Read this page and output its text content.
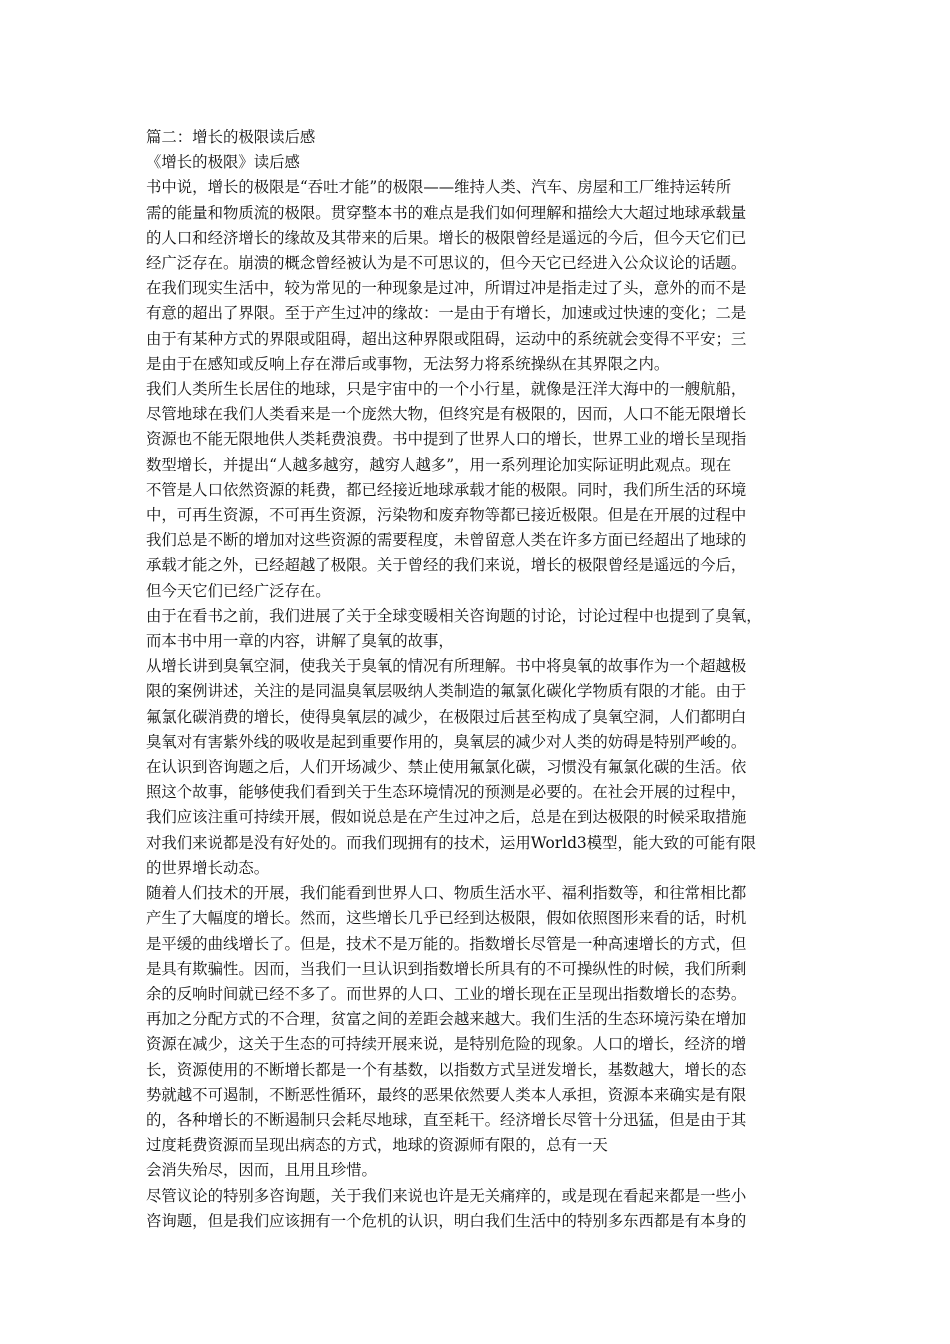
篇二：增长的极限读后感
《增长的极限》读后感
书中说，增长的极限是“吞吐才能”的极限——维持人类、汽车、房屋和工厂维持运转所
需的能量和物质流的极限。贯穿整本书的难点是我们如何理解和描绘大大超过地球承载量
的人口和经济增长的缘故及其带来的后果。增长的极限曾经是遥远的今后，但今天它们已
经广泛存在。崩溃的概念曾经被认为是不可思议的，但今天它已经进入公众议论的话题。
在我们现实生活中，较为常见的一种现象是过冲，所谓过冲是指走过了头，意外的而不是
有意的超出了界限。至于产生过冲的缘故：一是由于有增长，加速或过快速的变化；二是
由于有某种方式的界限或阻碍，超出这种界限或阻碍，运动中的系统就会变得不平安；三
是由于在感知或反响上存在滞后或事物，无法努力将系统操纵在其界限之内。
我们人类所生长居住的地球，只是宇宙中的一个小行星，就像是汪洋大海中的一艘航船，
尽管地球在我们人类看来是一个庞然大物，但终究是有极限的，因而，人口不能无限增长
资源也不能无限地供人类耗费浪费。书中提到了世界人口的增长，世界工业的增长呈现指
数型增长，并提出“人越多越穷，越穷人越多”，用一系列理论加实际证明此观点。现在
不管是人口依然资源的耗费，都已经接近地球承载才能的极限。同时，我们所生活的环境
中，可再生资源，不可再生资源，污染物和废弃物等都已接近极限。但是在开展的过程中
我们总是不断的增加对这些资源的需要程度，未曾留意人类在许多方面已经超出了地球的
承载才能之外，已经超越了极限。关于曾经的我们来说，增长的极限曾经是遥远的今后，
但今天它们已经广泛存在。
由于在看书之前，我们进展了关于全球变暖相关咨询题的讨论，讨论过程中也提到了臭氧，
而本书中用一章的内容，讲解了臭氧的故事，
从增长讲到臭氧空洞，使我关于臭氧的情况有所理解。书中将臭氧的故事作为一个超越极
限的案例讲述，关注的是同温臭氧层吸纳人类制造的氟氯化碳化学物质有限的才能。由于
氟氯化碳消费的增长，使得臭氧层的减少，在极限过后甚至构成了臭氧空洞，人们都明白
臭氧对有害紫外线的吸收是起到重要作用的，臭氧层的减少对人类的妨碍是特别严峻的。
在认识到咨询题之后，人们开场减少、禁止使用氟氯化碳，习惯没有氟氯化碳的生活。依
照这个故事，能够使我们看到关于生态环境情况的预测是必要的。在社会开展的过程中，
我们应该注重可持续开展，假如说总是在产生过冲之后，总是在到达极限的时候采取措施
对我们来说都是没有好处的。而我们现拥有的技术，运用World3模型，能大致的可能有限
的世界增长动态。
随着人们技术的开展，我们能看到世界人口、物质生活水平、福利指数等，和往常相比都
产生了大幅度的增长。然而，这些增长几乎已经到达极限，假如依照图形来看的话，时机
是平缓的曲线增长了。但是，技术不是万能的。指数增长尽管是一种高速增长的方式，但
是具有欺骗性。因而，当我们一旦认识到指数增长所具有的不可操纵性的时候，我们所剩
余的反响时间就已经不多了。而世界的人口、工业的增长现在正呈现出指数增长的态势。
再加之分配方式的不合理，贫富之间的差距会越来越大。我们生活的生态环境污染在增加
资源在减少，这关于生态的可持续开展来说，是特别危险的现象。人口的增长，经济的增
长，资源使用的不断增长都是一个有基数，以指数方式呈迸发增长，基数越大，增长的态
势就越不可遏制，不断恶性循环，最终的恶果依然要人类本人承担，资源本来确实是有限
的，各种增长的不断遏制只会耗尽地球，直至耗干。经济增长尽管十分迅猛，但是由于其
过度耗费资源而呈现出病态的方式，地球的资源师有限的，总有一天
会消失殆尽，因而，且用且珍惜。
尽管议论的特别多咨询题，关于我们来说也许是无关痛痒的，或是现在看起来都是一些小
咨询题，但是我们应该拥有一个危机的认识，明白我们生活中的特别多东西都是有本身的
